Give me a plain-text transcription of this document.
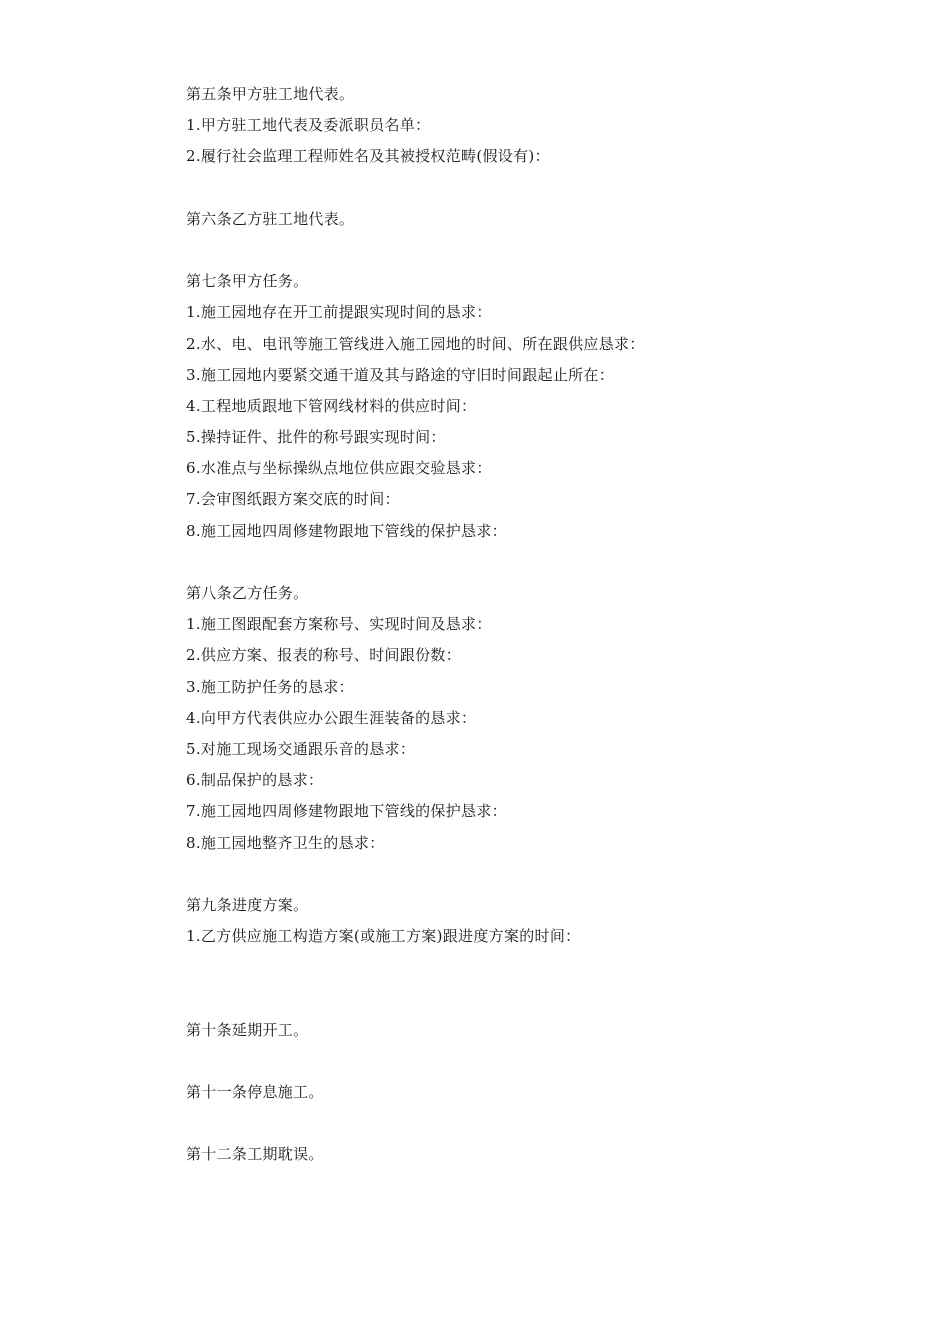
第五条甲方驻工地代表。
1.甲方驻工地代表及委派职员名单：
2.履行社会监理工程师姓名及其被授权范畴(假设有)：
第六条乙方驻工地代表。
第七条甲方任务。
1.施工园地存在开工前提跟实现时间的恳求：
2.水、电、电讯等施工管线进入施工园地的时间、所在跟供应恳求：
3.施工园地内要紧交通干道及其与路途的守旧时间跟起止所在：
4.工程地质跟地下管网线材料的供应时间：
5.操持证件、批件的称号跟实现时间：
6.水准点与坐标操纵点地位供应跟交验恳求：
7.会审图纸跟方案交底的时间：
8.施工园地四周修建物跟地下管线的保护恳求：
第八条乙方任务。
1.施工图跟配套方案称号、实现时间及恳求：
2.供应方案、报表的称号、时间跟份数：
3.施工防护任务的恳求：
4.向甲方代表供应办公跟生涯装备的恳求：
5.对施工现场交通跟乐音的恳求：
6.制品保护的恳求：
7.施工园地四周修建物跟地下管线的保护恳求：
8.施工园地整齐卫生的恳求：
第九条进度方案。
1.乙方供应施工构造方案(或施工方案)跟进度方案的时间：
第十条延期开工。
第十一条停息施工。
第十二条工期耽误。
